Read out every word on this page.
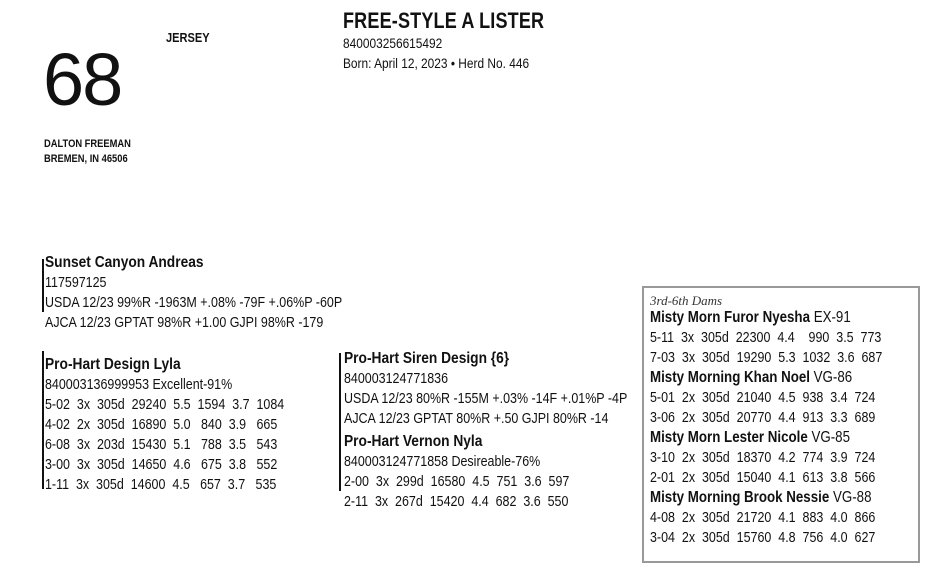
68
JERSEY
DALTON FREEMAN
BREMEN, IN 46506
FREE-STYLE A LISTER
840003256615492
Born: April 12, 2023 • Herd No. 446
Sunset Canyon Andreas
117597125
USDA 12/23 99%R -1963M +.08% -79F +.06%P -60P
AJCA 12/23 GPTAT 98%R +1.00 GJPI 98%R -179
Pro-Hart Design Lyla
840003136999953 Excellent-91%
5-02  3x  305d  29240  5.5  1594  3.7  1084
4-02  2x  305d  16890  5.0   840  3.9   665
6-08  3x  203d  15430  5.1   788  3.5   543
3-00  3x  305d  14650  4.6   675  3.8   552
1-11  3x  305d  14600  4.5   657  3.7   535
Pro-Hart Siren Design {6}
840003124771836
USDA 12/23 80%R -155M +.03% -14F +.01%P -4P
AJCA 12/23 GPTAT 80%R +.50 GJPI 80%R -14
Pro-Hart Vernon Nyla
840003124771858 Desireable-76%
2-00  3x  299d  16580  4.5  751  3.6  597
2-11  3x  267d  15420  4.4  682  3.6  550
3rd-6th Dams
Misty Morn Furor Nyesha EX-91
5-11  3x  305d  22300  4.4    990  3.5  773
7-03  3x  305d  19290  5.3  1032  3.6  687
Misty Morning Khan Noel VG-86
5-01  2x  305d  21040  4.5  938  3.4  724
3-06  2x  305d  20770  4.4  913  3.3  689
Misty Morn Lester Nicole VG-85
3-10  2x  305d  18370  4.2  774  3.9  724
2-01  2x  305d  15040  4.1  613  3.8  566
Misty Morning Brook Nessie VG-88
4-08  2x  305d  21720  4.1  883  4.0  866
3-04  2x  305d  15760  4.8  756  4.0  627
